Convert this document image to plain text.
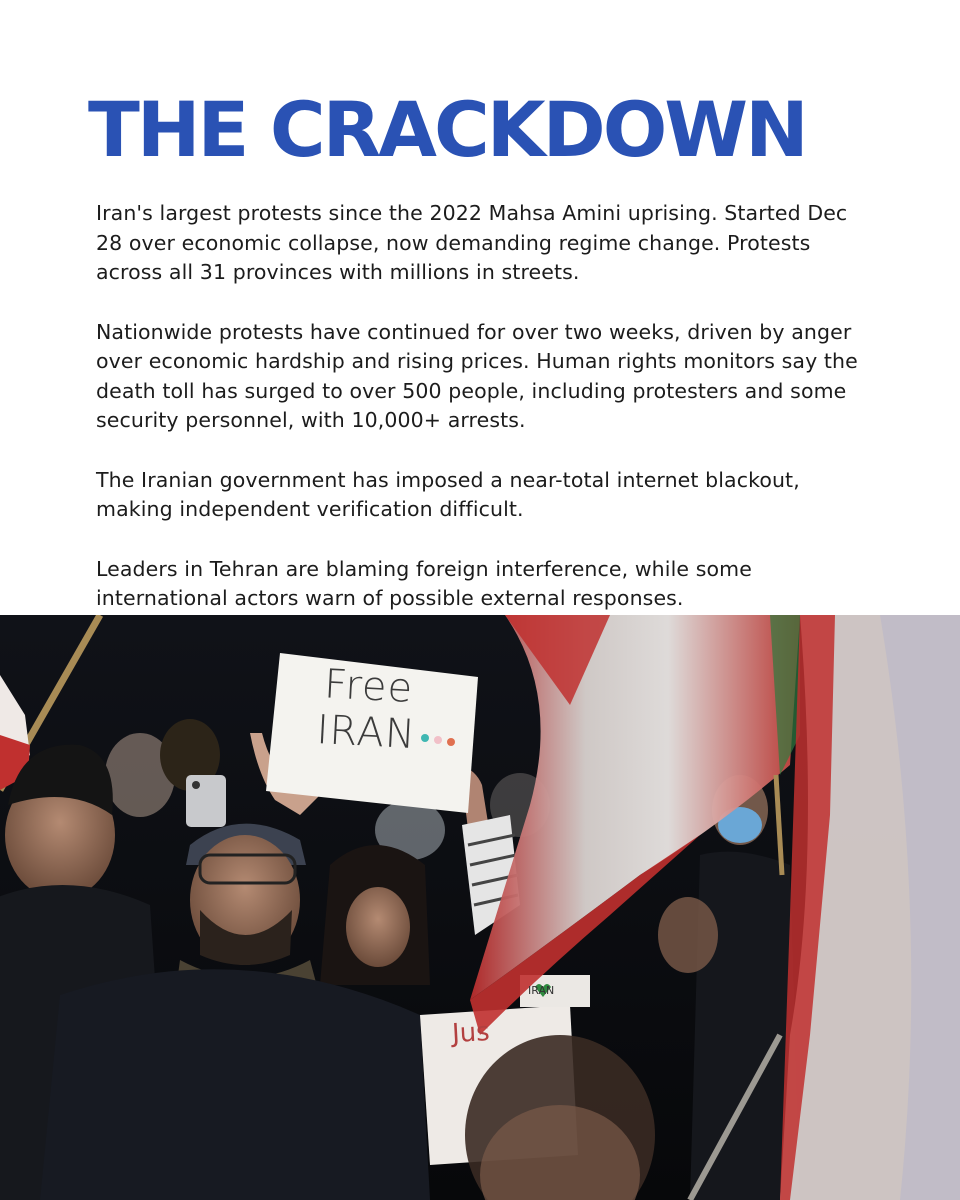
THE CRACKDOWN

Iran's largest protests since the 2022 Mahsa Amini uprising. Started Dec 28 over economic collapse, now demanding regime change. Protests across all 31 provinces with millions in streets.

Nationwide protests have continued for over two weeks, driven by anger over economic hardship and rising prices. Human rights monitors say the death toll has surged to over 500 people, including protesters and some security personnel, with 10,000+ arrests.

The Iranian government has imposed a near-total internet blackout, making independent verification difficult.

Leaders in Tehran are blaming foreign interference, while some international actors warn of possible external responses.

Free
IRAN
IRAN
Jus
